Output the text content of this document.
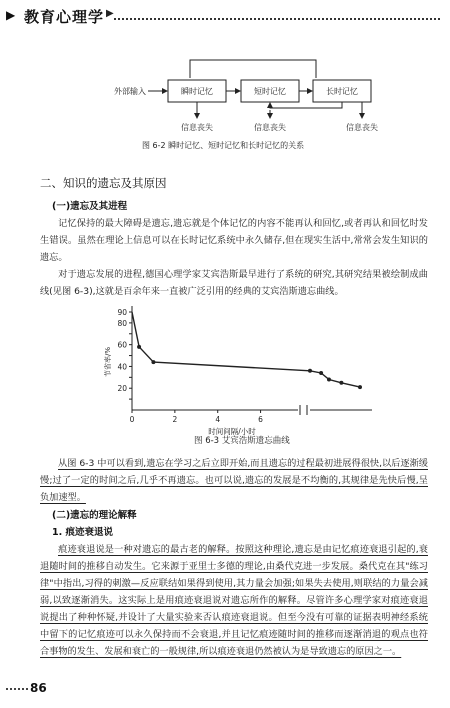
▶ 教育心理学 ▶
外部输入	瞬时记忆	短时记忆	长时记忆
信息丧失	信息丧失	信息丧失
图 6-2 瞬时记忆、短时记忆和长时记忆的关系
二、知识的遗忘及其原因
(一)遗忘及其进程
记忆保持的最大障碍是遗忘,遗忘就是个体记忆的内容不能再认和回忆,或者再认和回忆时发生错误。虽然在理论上信息可以在长时记忆系统中永久储存,但在现实生活中,常常会发生知识的遗忘。
对于遗忘发展的进程,德国心理学家艾宾浩斯最早进行了系统的研究,其研究结果被绘制成曲线(见图 6-3),这就是百余年来一直被广泛引用的经典的艾宾浩斯遗忘曲线。
20
40
60
80
90
节省率/%
0	2	4	6
时间间隔/小时
图 6-3 艾宾浩斯遗忘曲线
从图 6-3 中可以看到,遗忘在学习之后立即开始,而且遗忘的过程最初进展得很快,以后逐渐缓慢;过了一定的时间之后,几乎不再遗忘。也可以说,遗忘的发展是不均衡的,其规律是先快后慢,呈负加速型。
(二)遗忘的理论解释
1. 痕迹衰退说
痕迹衰退说是一种对遗忘的最古老的解释。按照这种理论,遗忘是由记忆痕迹衰退引起的,衰退随时间的推移自动发生。它来源于亚里士多德的理论,由桑代克进一步发展。桑代克在其"练习律"中指出,习得的刺激—反应联结如果得到使用,其力量会加强;如果失去使用,则联结的力量会减弱,以致逐渐消失。这实际上是用痕迹衰退说对遗忘所作的解释。尽管许多心理学家对痕迹衰退说提出了种种怀疑,并设计了大量实验来否认痕迹衰退说。但至今没有可靠的证据表明神经系统中留下的记忆痕迹可以永久保持而不会衰退,并且记忆痕迹随时间的推移而逐渐消退的观点也符合事物的发生、发展和衰亡的一般规律,所以痕迹衰退仍然被认为是导致遗忘的原因之一。
86
